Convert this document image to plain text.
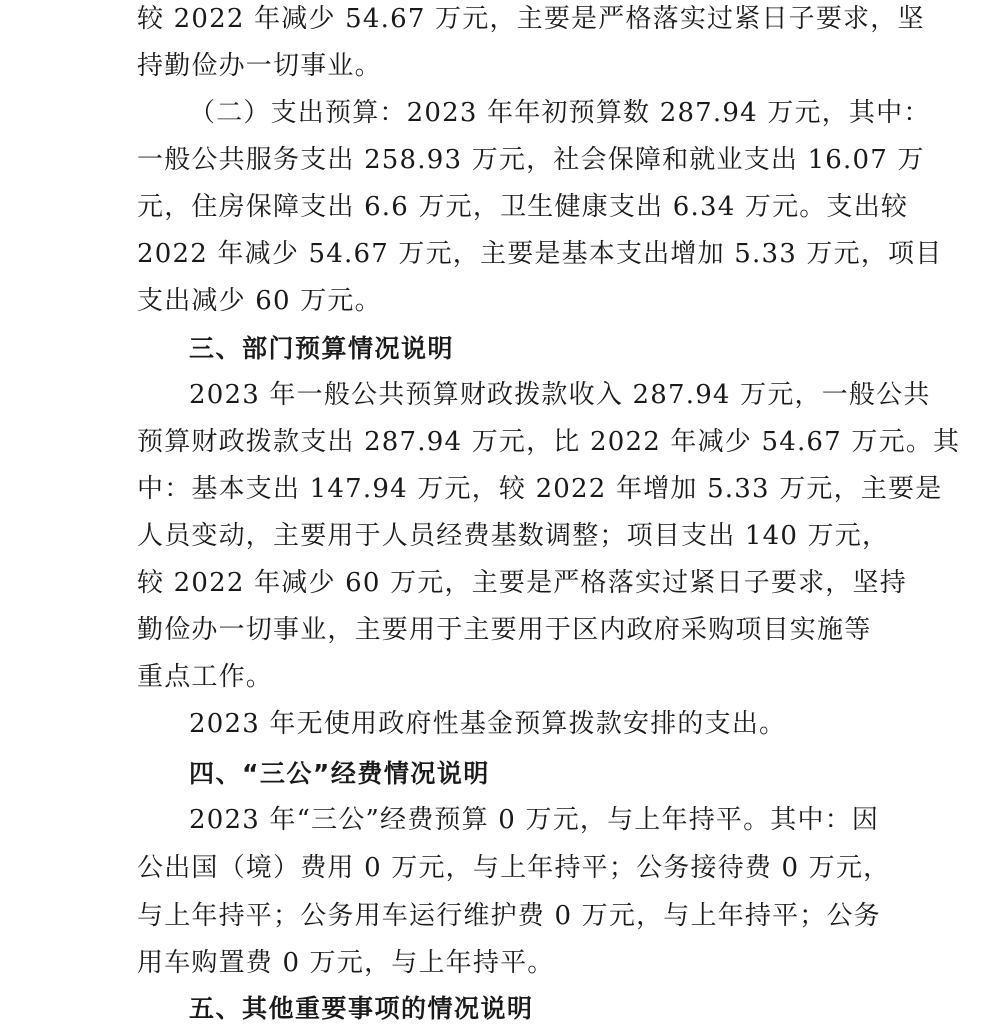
较 2022 年减少 54.67 万元，主要是严格落实过紧日子要求，坚
持勤俭办一切事业。
（二）支出预算：2023 年年初预算数 287.94 万元，其中：
一般公共服务支出 258.93 万元，社会保障和就业支出 16.07 万
元，住房保障支出 6.6 万元，卫生健康支出 6.34 万元。支出较
2022 年减少 54.67 万元，主要是基本支出增加 5.33 万元，项目
支出减少 60 万元。
三、部门预算情况说明
2023 年一般公共预算财政拨款收入 287.94 万元，一般公共
预算财政拨款支出 287.94 万元，比 2022 年减少 54.67 万元。其
中：基本支出 147.94 万元，较 2022 年增加 5.33 万元，主要是
人员变动，主要用于人员经费基数调整；项目支出 140 万元，
较 2022 年减少 60 万元，主要是严格落实过紧日子要求，坚持
勤俭办一切事业，主要用于主要用于区内政府采购项目实施等
重点工作。
2023 年无使用政府性基金预算拨款安排的支出。
四、“三公”经费情况说明
2023 年“三公”经费预算 0 万元，与上年持平。其中：因
公出国（境）费用 0 万元，与上年持平；公务接待费 0 万元，
与上年持平；公务用车运行维护费 0 万元，与上年持平；公务
用车购置费 0 万元，与上年持平。
五、其他重要事项的情况说明
